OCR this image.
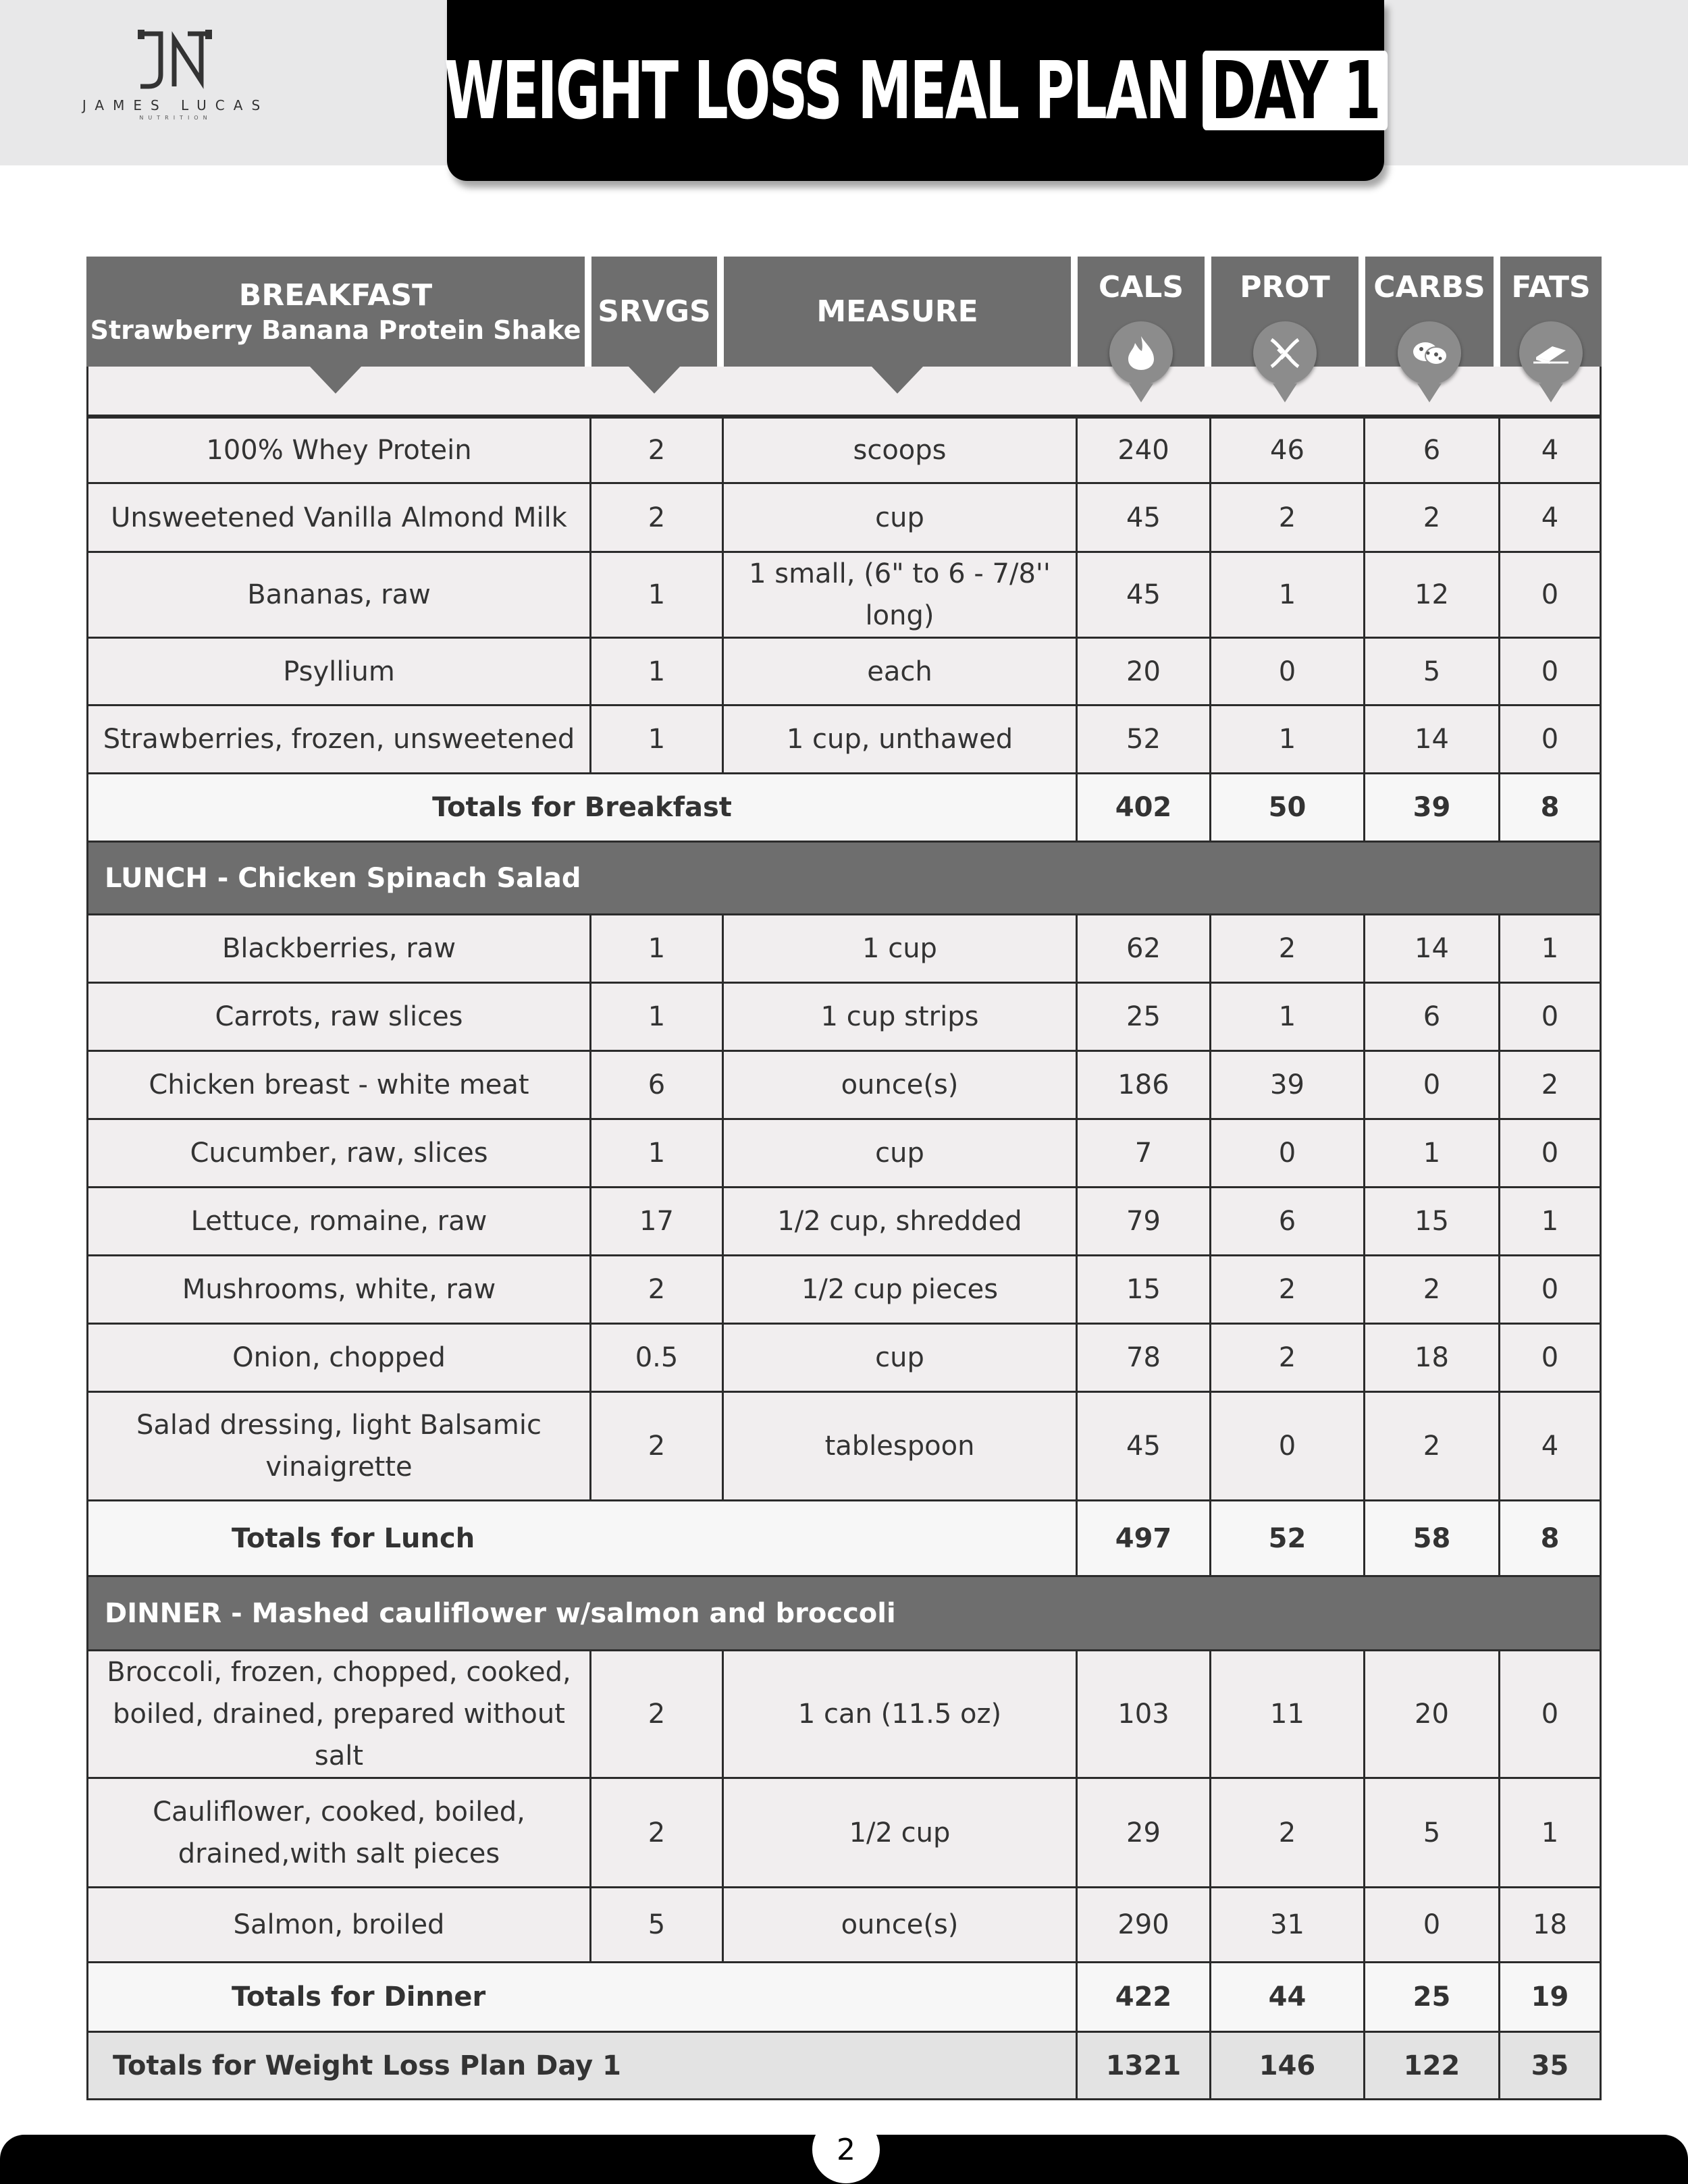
JAMES LUCAS
NUTRITION	WEIGHT LOSS MEAL PLAN DAY 1
BREAKFAST
Strawberry Banana Protein Shake	SRVGS	MEASURE	CALS	PROT	CARBS	FATS

100% Whey Protein	2	scoops	240	46	6	4
Unsweetened Vanilla Almond Milk	2	cup	45	2	2	4
Bananas, raw	1	1 small, (6" to 6 - 7/8'' long)	45	1	12	0
Psyllium	1	each	20	0	5	0
Strawberries, frozen, unsweetened	1	1 cup, unthawed	52	1	14	0
Totals for Breakfast			402	50	39	8
LUNCH - Chicken Spinach Salad						
Blackberries, raw	1	1 cup	62	2	14	1
Carrots, raw slices	1	1 cup strips	25	1	6	0
Chicken breast - white meat	6	ounce(s)	186	39	0	2
Cucumber, raw, slices	1	cup	7	0	1	0
Lettuce, romaine, raw	17	1/2 cup, shredded	79	6	15	1
Mushrooms, white, raw	2	1/2 cup pieces	15	2	2	0
Onion, chopped	0.5	cup	78	2	18	0
Salad dressing, light Balsamic vinaigrette	2	tablespoon	45	0	2	4
Totals for Lunch			497	52	58	8
DINNER - Mashed cauliflower w/salmon and broccoli						
Broccoli, frozen, chopped, cooked, boiled, drained, prepared without salt	2	1 can (11.5 oz)	103	11	20	0
Cauliflower, cooked, boiled, drained,with salt pieces	2	1/2 cup	29	2	5	1
Salmon, broiled	5	ounce(s)	290	31	0	18
Totals for Dinner			422	44	25	19
Totals for Weight Loss Plan Day 1			1321	146	122	35
2
